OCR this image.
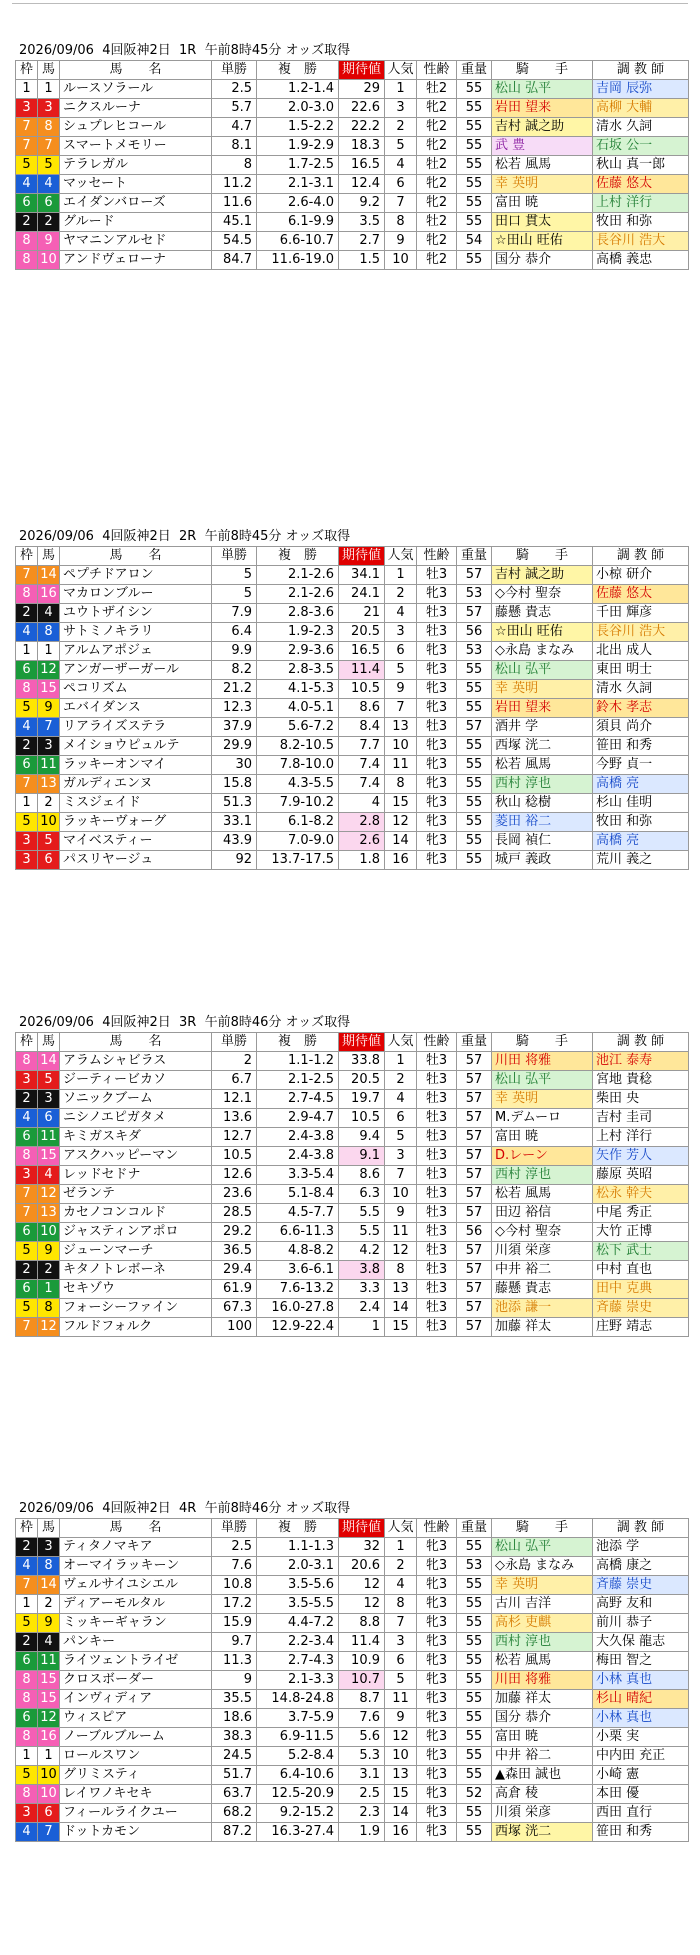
2026/09/06  4回阪神2日  1R  午前8時45分 オッズ取得
枠	馬	馬　　名	単勝	複　勝	期待値	人気	性齢	重量	騎　　手	調 教 師
1	1	ルースソラール	2.5	1.2-1.4	29	1	牡2	55	松山 弘平	吉岡 辰弥
3	3	ニクスルーナ	5.7	2.0-3.0	22.6	3	牝2	55	岩田 望来	高柳 大輔
7	8	シュプレヒコール	4.7	1.5-2.2	22.2	2	牝2	55	吉村 誠之助	清水 久詞
7	7	スマートメモリー	8.1	1.9-2.9	18.3	5	牝2	55	武 豊	石坂 公一
5	5	テラレガル	8	1.7-2.5	16.5	4	牡2	55	松若 風馬	秋山 真一郎
4	4	マッセート	11.2	2.1-3.1	12.4	6	牝2	55	幸 英明	佐藤 悠太
6	6	エイダンバローズ	11.6	2.6-4.0	9.2	7	牝2	55	富田 暁	上村 洋行
2	2	グルード	45.1	6.1-9.9	3.5	8	牡2	55	田口 貫太	牧田 和弥
8	9	ヤマニンアルセド	54.5	6.6-10.7	2.7	9	牝2	54	☆田山 旺佑	長谷川 浩大
8	10	アンドヴェローナ	84.7	11.6-19.0	1.5	10	牝2	55	国分 恭介	高橋 義忠
2026/09/06  4回阪神2日  2R  午前8時45分 オッズ取得
枠	馬	馬　　名	単勝	複　勝	期待値	人気	性齢	重量	騎　　手	調 教 師
7	14	ペプチドアロン	5	2.1-2.6	34.1	1	牡3	57	吉村 誠之助	小椋 研介
8	16	マカロンブルー	5	2.1-2.6	24.1	2	牝3	53	◇今村 聖奈	佐藤 悠太
2	4	ユウトザイシン	7.9	2.8-3.6	21	4	牡3	57	藤懸 貴志	千田 輝彦
4	8	サトミノキラリ	6.4	1.9-2.3	20.5	3	牡3	56	☆田山 旺佑	長谷川 浩大
1	1	アルムアポジェ	9.9	2.9-3.6	16.5	6	牝3	53	◇永島 まなみ	北出 成人
6	12	アンガーザーガール	8.2	2.8-3.5	11.4	5	牝3	55	松山 弘平	東田 明士
8	15	ペコリズム	21.2	4.1-5.3	10.5	9	牝3	55	幸 英明	清水 久詞
5	9	エバイダンス	12.3	4.0-5.1	8.6	7	牝3	55	岩田 望来	鈴木 孝志
4	7	リアライズステラ	37.9	5.6-7.2	8.4	13	牡3	57	酒井 学	須貝 尚介
2	3	メイショウピュルテ	29.9	8.2-10.5	7.7	10	牝3	55	西塚 洸二	笹田 和秀
6	11	ラッキーオンマイ	30	7.8-10.0	7.4	11	牝3	55	松若 風馬	今野 貞一
7	13	ガルディエンヌ	15.8	4.3-5.5	7.4	8	牝3	55	西村 淳也	高橋 亮
1	2	ミスジェイド	51.3	7.9-10.2	4	15	牝3	55	秋山 稔樹	杉山 佳明
5	10	ラッキーヴォーグ	33.1	6.1-8.2	2.8	12	牝3	55	菱田 裕二	牧田 和弥
3	5	マイベスティー	43.9	7.0-9.0	2.6	14	牝3	55	長岡 禎仁	高橋 亮
3	6	パスリヤージュ	92	13.7-17.5	1.8	16	牝3	55	城戸 義政	荒川 義之
2026/09/06  4回阪神2日  3R  午前8時46分 オッズ取得
枠	馬	馬　　名	単勝	複　勝	期待値	人気	性齢	重量	騎　　手	調 教 師
8	14	アラムシャビラス	2	1.1-1.2	33.8	1	牡3	57	川田 将雅	池江 泰寿
3	5	ジーティービカソ	6.7	2.1-2.5	20.5	2	牡3	57	松山 弘平	宮地 貴稔
2	3	ソニックブーム	12.1	2.7-4.5	19.7	4	牡3	57	幸 英明	柴田 央
4	6	ニシノエピガタメ	13.6	2.9-4.7	10.5	6	牡3	57	M.デムーロ	吉村 圭司
6	11	キミガスキダ	12.7	2.4-3.8	9.4	5	牡3	57	富田 暁	上村 洋行
8	15	アスクハッピーマン	10.5	2.4-3.8	9.1	3	牡3	57	D.レーン	矢作 芳人
3	4	レッドセドナ	12.6	3.3-5.4	8.6	7	牡3	57	西村 淳也	藤原 英昭
7	12	ゼランテ	23.6	5.1-8.4	6.3	10	牡3	57	松若 風馬	松永 幹夫
7	13	カセノコンコルド	28.5	4.5-7.7	5.5	9	牡3	57	田辺 裕信	中尾 秀正
6	10	ジャスティンアポロ	29.2	6.6-11.3	5.5	11	牡3	56	◇今村 聖奈	大竹 正博
5	9	ジューンマーチ	36.5	4.8-8.2	4.2	12	牡3	57	川須 栄彦	松下 武士
2	2	キタノトレボーネ	29.4	3.6-6.1	3.8	8	牡3	57	中井 裕二	中村 直也
6	1	セキゾウ	61.9	7.6-13.2	3.3	13	牡3	57	藤懸 貴志	田中 克典
5	8	フォーシーファイン	67.3	16.0-27.8	2.4	14	牡3	57	池添 謙一	斉藤 崇史
7	12	フルドフォルク	100	12.9-22.4	1	15	牡3	57	加藤 祥太	庄野 靖志
2026/09/06  4回阪神2日  4R  午前8時46分 オッズ取得
枠	馬	馬　　名	単勝	複　勝	期待値	人気	性齢	重量	騎　　手	調 教 師
2	3	ティタノマキア	2.5	1.1-1.3	32	1	牝3	55	松山 弘平	池添 学
4	8	オーマイラッキーン	7.6	2.0-3.1	20.6	2	牝3	53	◇永島 まなみ	高橋 康之
7	14	ヴェルサイユシエル	10.8	3.5-5.6	12	4	牝3	55	幸 英明	斉藤 崇史
1	2	ディアーモルタル	17.2	3.5-5.5	12	8	牝3	55	古川 吉洋	高野 友和
5	9	ミッキーギャラン	15.9	4.4-7.2	8.8	7	牝3	55	高杉 吏麒	前川 恭子
2	4	パンキー	9.7	2.2-3.4	11.4	3	牝3	55	西村 淳也	大久保 龍志
6	11	ライツェントライゼ	11.3	2.7-4.3	10.9	6	牝3	55	松若 風馬	梅田 智之
8	15	クロスボーダー	9	2.1-3.3	10.7	5	牝3	55	川田 将雅	小林 真也
8	15	インヴィディア	35.5	14.8-24.8	8.7	11	牝3	55	加藤 祥太	杉山 晴紀
6	12	ウィスピア	18.6	3.7-5.9	7.6	9	牝3	55	国分 恭介	小林 真也
8	16	ノーブルブルーム	38.3	6.9-11.5	5.6	12	牝3	55	富田 暁	小栗 実
1	1	ロールスワン	24.5	5.2-8.4	5.3	10	牝3	55	中井 裕二	中内田 充正
5	10	グリミスティ	51.7	6.4-10.6	3.1	13	牝3	55	▲森田 誠也	小崎 憲
8	10	レイワノキセキ	63.7	12.5-20.9	2.5	15	牝3	52	高倉 稜	本田 優
3	6	フィールライクユー	68.2	9.2-15.2	2.3	14	牝3	55	川須 栄彦	西田 直行
4	7	ドットカモン	87.2	16.3-27.4	1.9	16	牝3	55	西塚 洸二	笹田 和秀
